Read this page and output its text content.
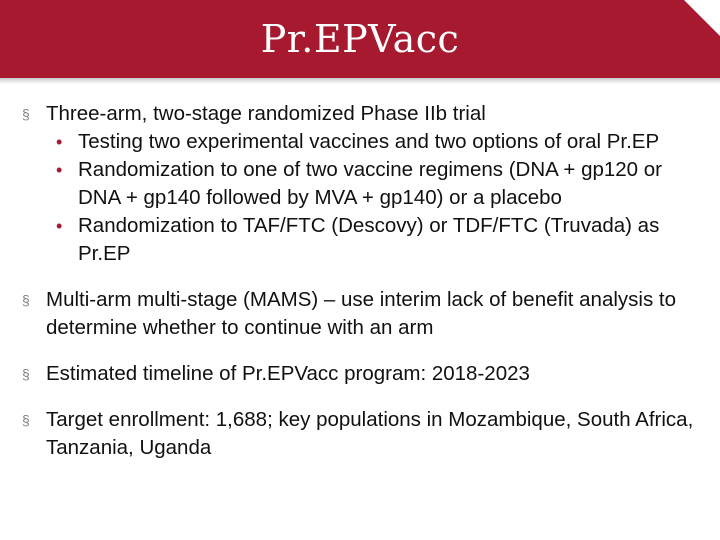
Pr.EPVacc
§ Three-arm, two-stage randomized Phase IIb trial
• Testing two experimental vaccines and two options of oral Pr.EP
• Randomization to one of two vaccine regimens (DNA + gp120 or DNA + gp140 followed by MVA + gp140) or a placebo
• Randomization to TAF/FTC (Descovy) or TDF/FTC (Truvada) as Pr.EP
§ Multi-arm multi-stage (MAMS) – use interim lack of benefit analysis to determine whether to continue with an arm
§ Estimated timeline of Pr.EPVacc program: 2018-2023
§ Target enrollment: 1,688; key populations in Mozambique, South Africa, Tanzania, Uganda
